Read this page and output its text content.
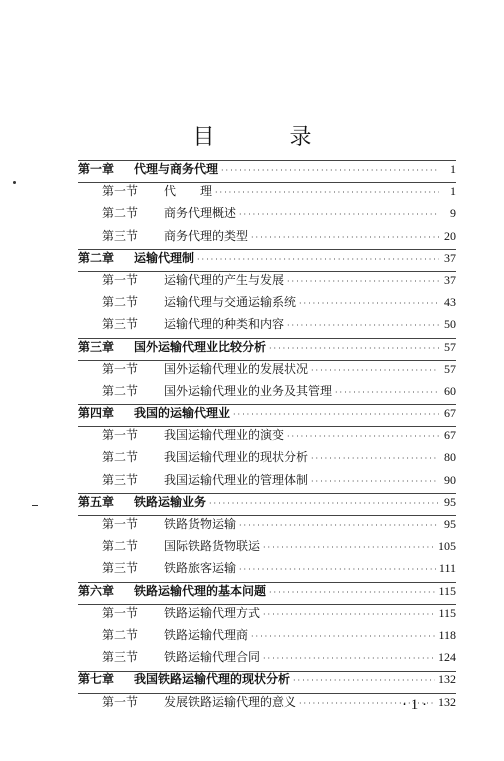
目 录
第一章	代理与商务代理 ·····	1
第一节	代　　理 ·····	1
第二节	商务代理概述 ·····	9
第三节	商务代理的类型 ·····	20
第二章	运输代理制 ·····	37
第一节	运输代理的产生与发展 ·····	37
第二节	运输代理与交通运输系统 ·····	43
第三节	运输代理的种类和内容 ·····	50
第三章	国外运输代理业比较分析 ·····	57
第一节	国外运输代理业的发展状况 ·····	57
第二节	国外运输代理业的业务及其管理 ·····	60
第四章	我国的运输代理业 ·····	67
第一节	我国运输代理业的演变 ·····	67
第二节	我国运输代理业的现状分析 ·····	80
第三节	我国运输代理业的管理体制 ·····	90
第五章	铁路运输业务 ·····	95
第一节	铁路货物运输 ·····	95
第二节	国际铁路货物联运 ·····	105
第三节	铁路旅客运输 ·····	111
第六章	铁路运输代理的基本问题 ·····	115
第一节	铁路运输代理方式 ·····	115
第二节	铁路运输代理商 ·····	118
第三节	铁路运输代理合同 ·····	124
第七章	我国铁路运输代理的现状分析 ·····	132
第一节	发展铁路运输代理的意义 ·····	132
· 1 ·
